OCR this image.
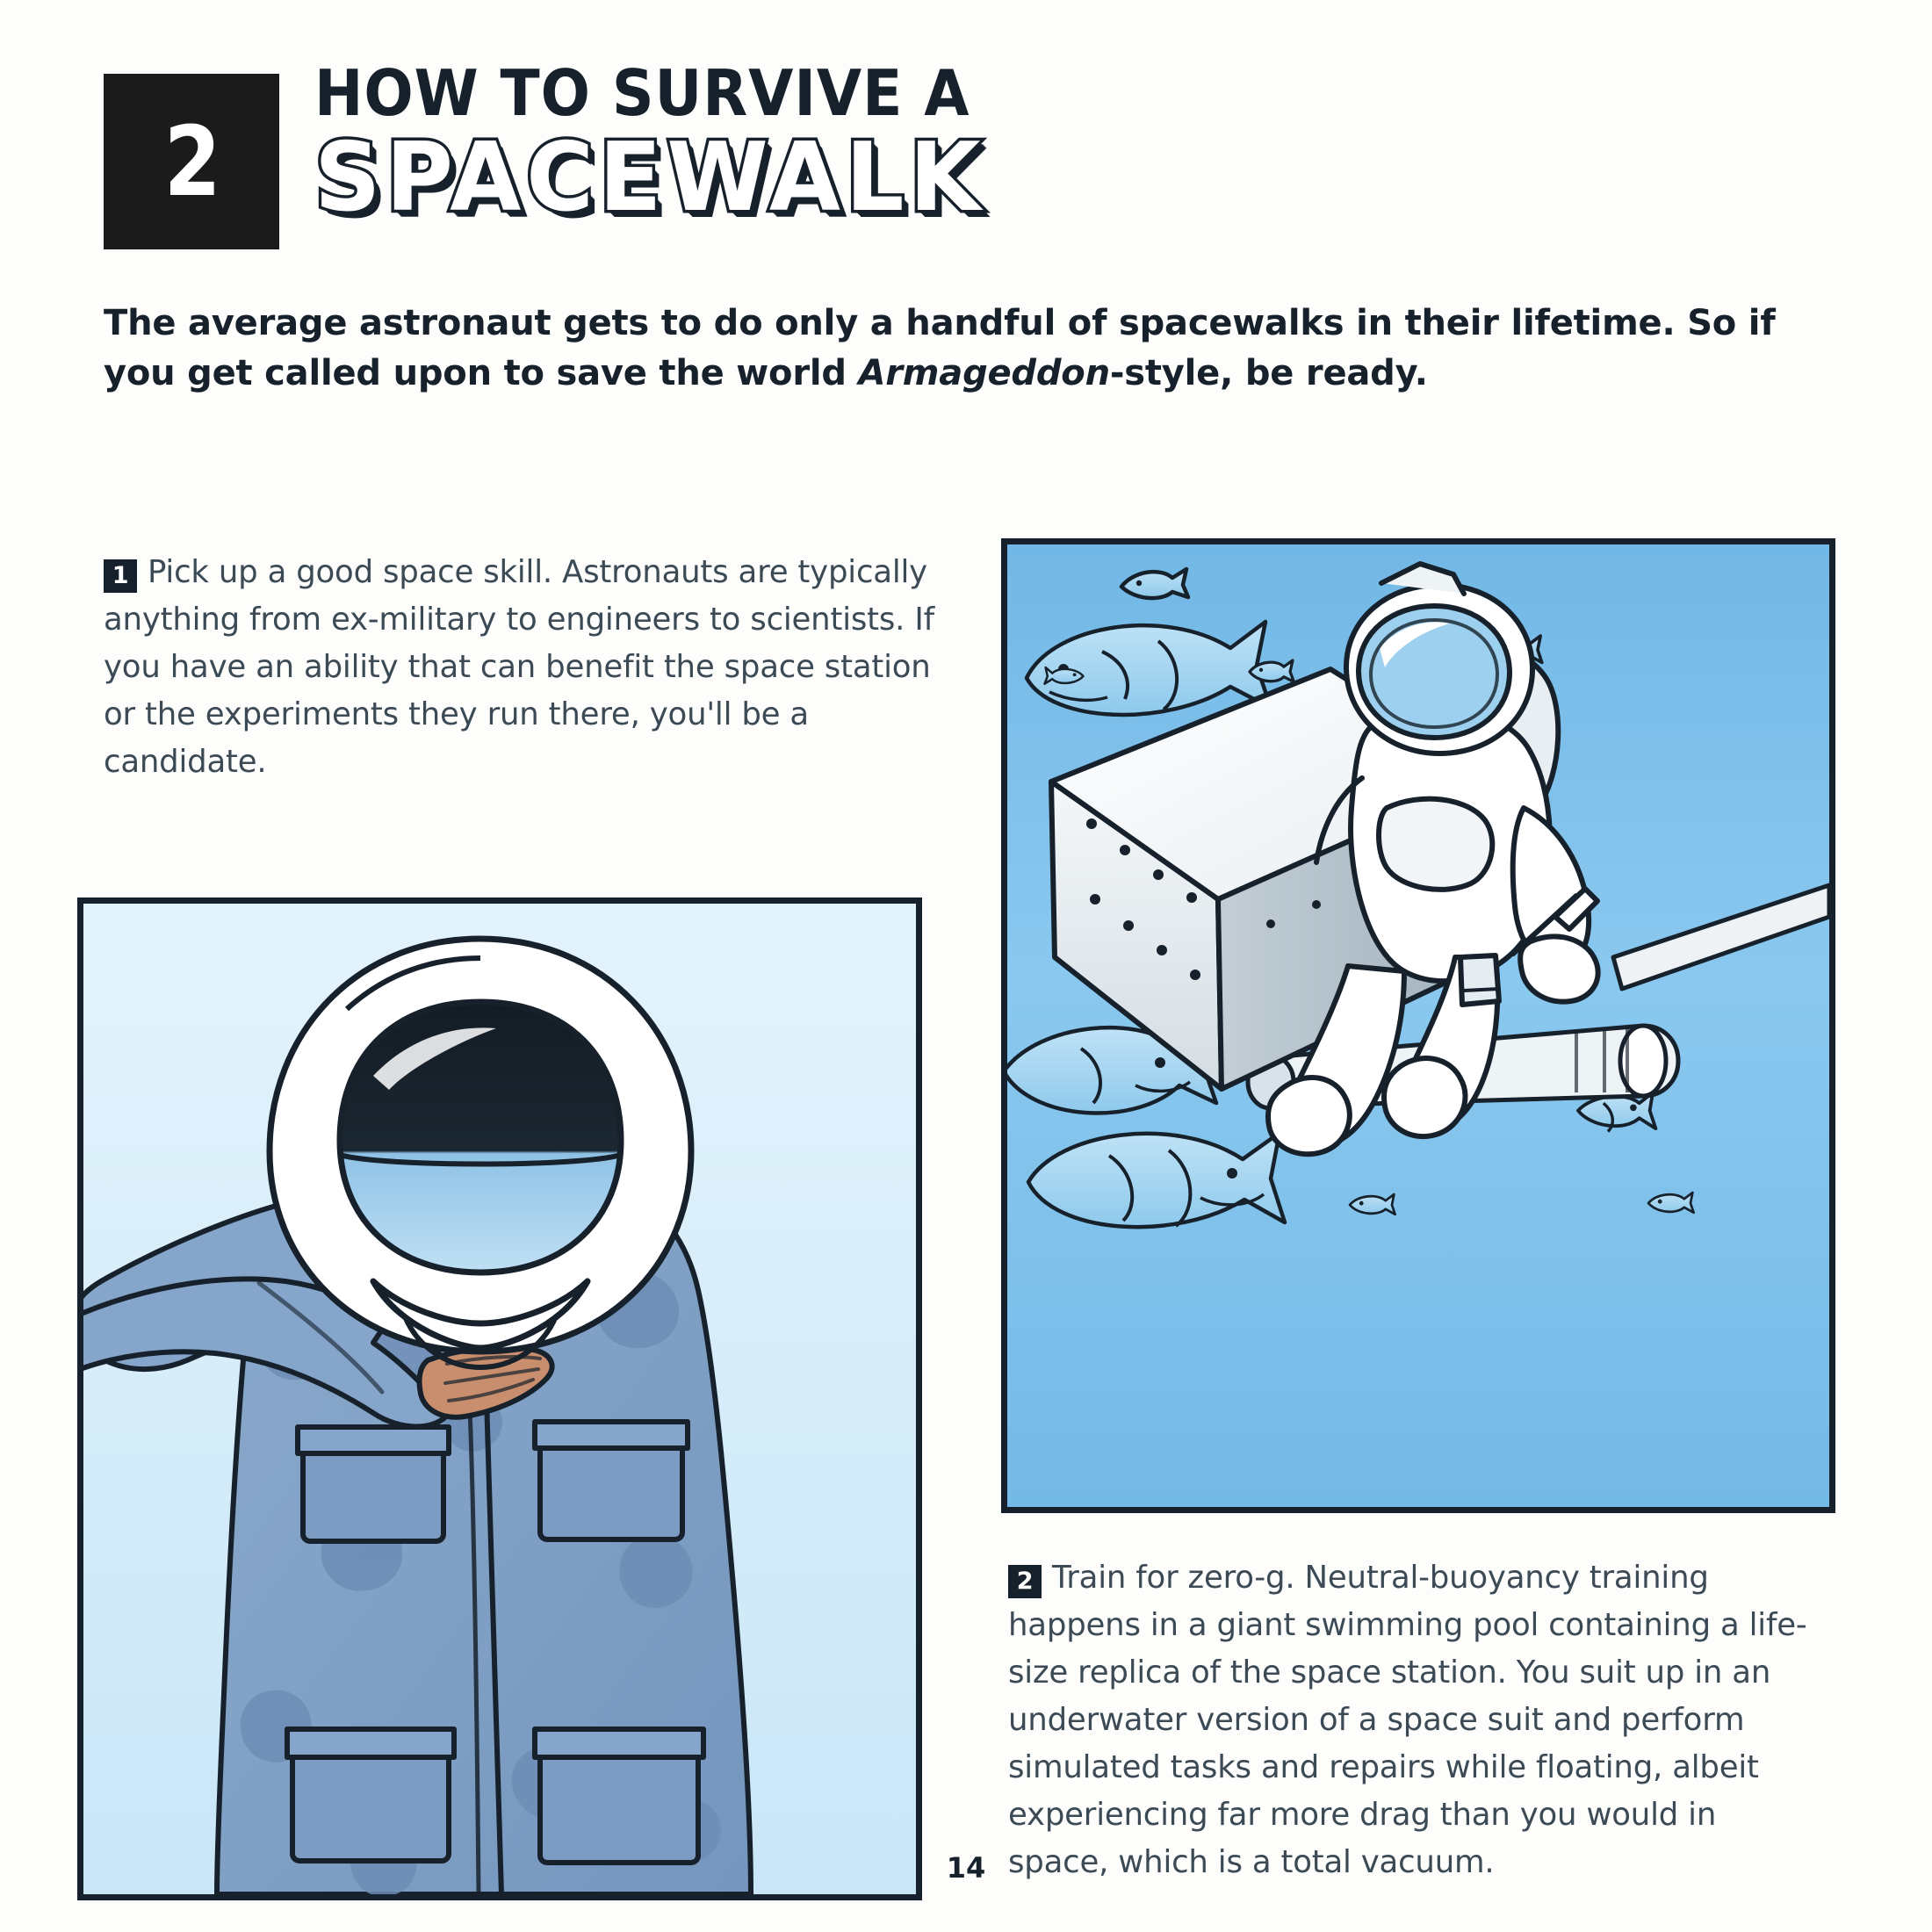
2
HOW TO SURVIVE A
SPACEWALK
The average astronaut gets to do only a handful of spacewalks in their lifetime. So if you get called upon to save the world Armageddon-style, be ready.
1 Pick up a good space skill. Astronauts are typically anything from ex-military to engineers to scientists. If you have an ability that can benefit the space station or the experiments they run there, you'll be a candidate.
2 Train for zero-g. Neutral-buoyancy training happens in a giant swimming pool containing a life-size replica of the space station. You suit up in an underwater version of a space suit and perform simulated tasks and repairs while floating, albeit experiencing far more drag than you would in space, which is a total vacuum.
14
